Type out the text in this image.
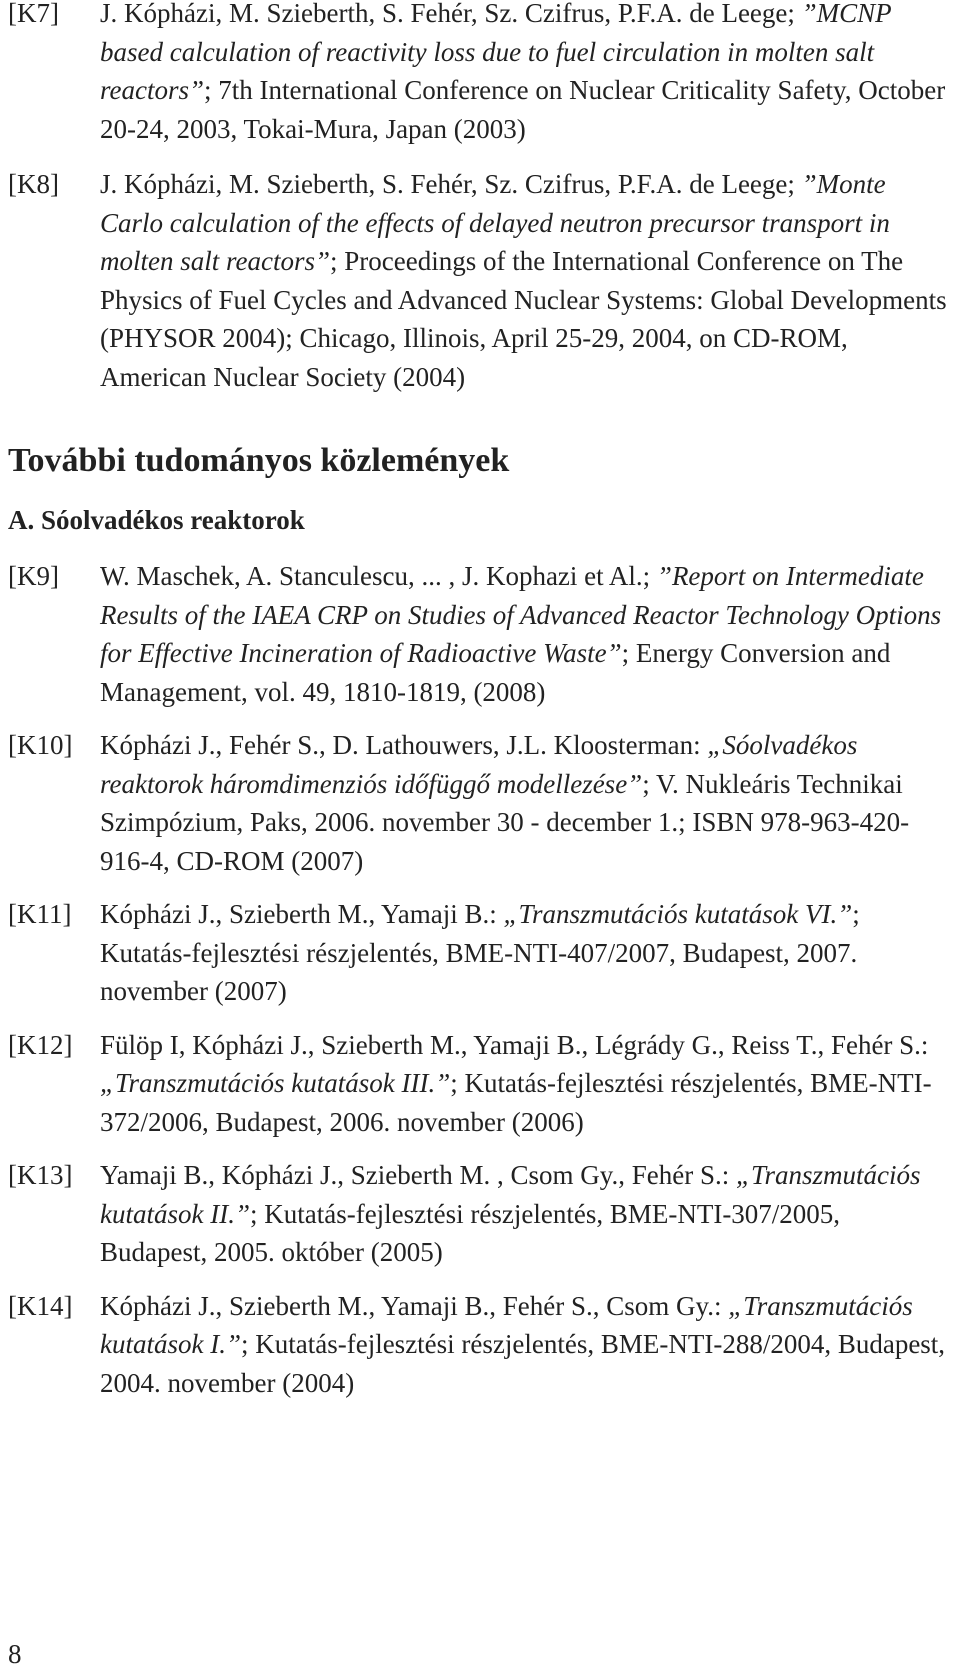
[K7]	J. Kópházi, M. Szieberth, S. Fehér, Sz. Czifrus, P.F.A. de Leege; ”MCNP based calculation of reactivity loss due to fuel circulation in molten salt reactors”; 7th International Conference on Nuclear Criticality Safety, October 20-24, 2003, Tokai-Mura, Japan (2003)
[K8]	J. Kópházi, M. Szieberth, S. Fehér, Sz. Czifrus, P.F.A. de Leege; ”Monte Carlo calculation of the effects of delayed neutron precursor transport in molten salt reactors”; Proceedings of the International Conference on The Physics of Fuel Cycles and Advanced Nuclear Systems: Global Developments (PHYSOR 2004); Chicago, Illinois, April 25-29, 2004, on CD-ROM, American Nuclear Society (2004)
További tudományos közlemények
A. Sóolvadékos reaktorok
[K9]	W. Maschek, A. Stanculescu, ... , J. Kophazi et Al.; ”Report on Intermediate Results of the IAEA CRP on Studies of Advanced Reactor Technology Options for Effective Incineration of Radioactive Waste”; Energy Conversion and Management, vol. 49, 1810-1819, (2008)
[K10]	Kópházi J., Fehér S., D. Lathouwers, J.L. Kloosterman: „Sóolvadékos reaktorok háromdimenziós időfüggő modellezése”; V. Nukleáris Technikai Szimpózium, Paks, 2006. november 30 - december 1.; ISBN 978-963-420-916-4, CD-ROM (2007)
[K11]	Kópházi J., Szieberth M., Yamaji B.: „Transzmutációs kutatások VI.”; Kutatás-fejlesztési részjelentés, BME-NTI-407/2007, Budapest, 2007. november (2007)
[K12]	Fülöp I, Kópházi J., Szieberth M., Yamaji B., Légrády G., Reiss T., Fehér S.: „Transzmutációs kutatások III.”; Kutatás-fejlesztési részjelentés, BME-NTI-372/2006, Budapest, 2006. november (2006)
[K13]	Yamaji B., Kópházi J., Szieberth M. , Csom Gy., Fehér S.: „Transzmutációs kutatások II.”; Kutatás-fejlesztési részjelentés, BME-NTI-307/2005, Budapest, 2005. október (2005)
[K14]	Kópházi J., Szieberth M., Yamaji B., Fehér S., Csom Gy.: „Transzmutációs kutatások I.”; Kutatás-fejlesztési részjelentés, BME-NTI-288/2004, Budapest, 2004. november (2004)
8
